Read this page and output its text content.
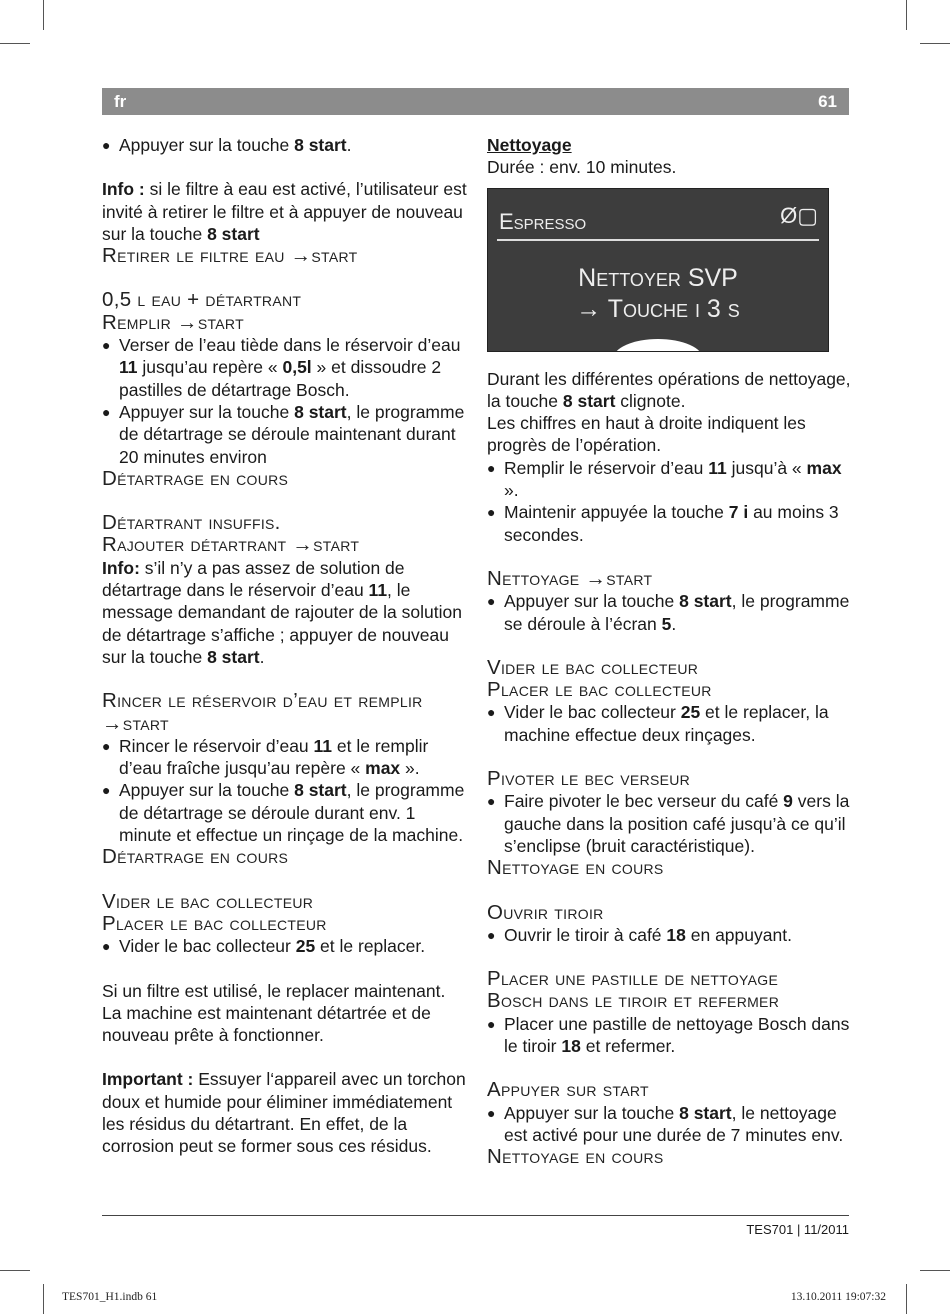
fr	61
● Appuyer sur la touche 8 start.

Info : si le filtre à eau est activé, l’utilisateur est invité à retirer le filtre et à appuyer de nouveau sur la touche 8 start

Retirer le filtre eau →start

0,5 l eau + détartrant

Remplir →start

● Verser de l’eau tiède dans le réservoir d’eau 11 jusqu’au repère « 0,5l » et dissoudre 2 pastilles de détartrage Bosch.
● Appuyer sur la touche 8 start, le programme de détartrage se déroule maintenant durant 20 minutes environ

Détartrage en cours

Détartrant insuffis.

Rajouter détartrant →start

Info: s’il n’y a pas assez de solution de détartrage dans le réservoir d’eau 11, le message demandant de rajouter de la solution de détartrage s’affiche ; appuyer de nouveau sur la touche 8 start.

Rincer le réservoir d’eau et remplir →start

● Rincer le réservoir d’eau 11 et le remplir d’eau fraîche jusqu’au repère « max ».
● Appuyer sur la touche 8 start, le programme de détartrage se déroule durant env. 1 minute et effectue un rinçage de la machine.

Détartrage en cours

Vider le bac collecteur

Placer le bac collecteur

● Vider le bac collecteur 25 et le replacer.

Si un filtre est utilisé, le replacer maintenant. La machine est maintenant détartrée et de nouveau prête à fonctionner.

Important : Essuyer l‘appareil avec un torchon doux et humide pour éliminer immédiatement les résidus du détartrant. En effet, de la corrosion peut se former sous ces résidus.

Nettoyage

Durée : env. 10 minutes.

Espresso	Ø▢
Nettoyer SVP
→ Touche i 3 s

Durant les différentes opérations de nettoyage, la touche 8 start clignote.

Les chiffres en haut à droite indiquent les progrès de l’opération.

● Remplir le réservoir d’eau 11 jusqu’à « max ».
● Maintenir appuyée la touche 7 i au moins 3 secondes.

Nettoyage →start

● Appuyer sur la touche 8 start, le programme se déroule à l’écran 5.

Vider le bac collecteur

Placer le bac collecteur

● Vider le bac collecteur 25 et le replacer, la machine effectue deux rinçages.

Pivoter le bec verseur

● Faire pivoter le bec verseur du café 9 vers la gauche dans la position café jusqu’à ce qu’il s’enclipse (bruit caractéristique).

Nettoyage en cours

Ouvrir tiroir

● Ouvrir le tiroir à café 18 en appuyant.

Placer une pastille de nettoyage

Bosch dans le tiroir et refermer

● Placer une pastille de nettoyage Bosch dans le tiroir 18 et refermer.

Appuyer sur start

● Appuyer sur la touche 8 start, le nettoyage est activé pour une durée de 7 minutes env.

Nettoyage en cours

TES701 | 11/2011
TES701_H1.indb 61	13.10.2011 19:07:32
